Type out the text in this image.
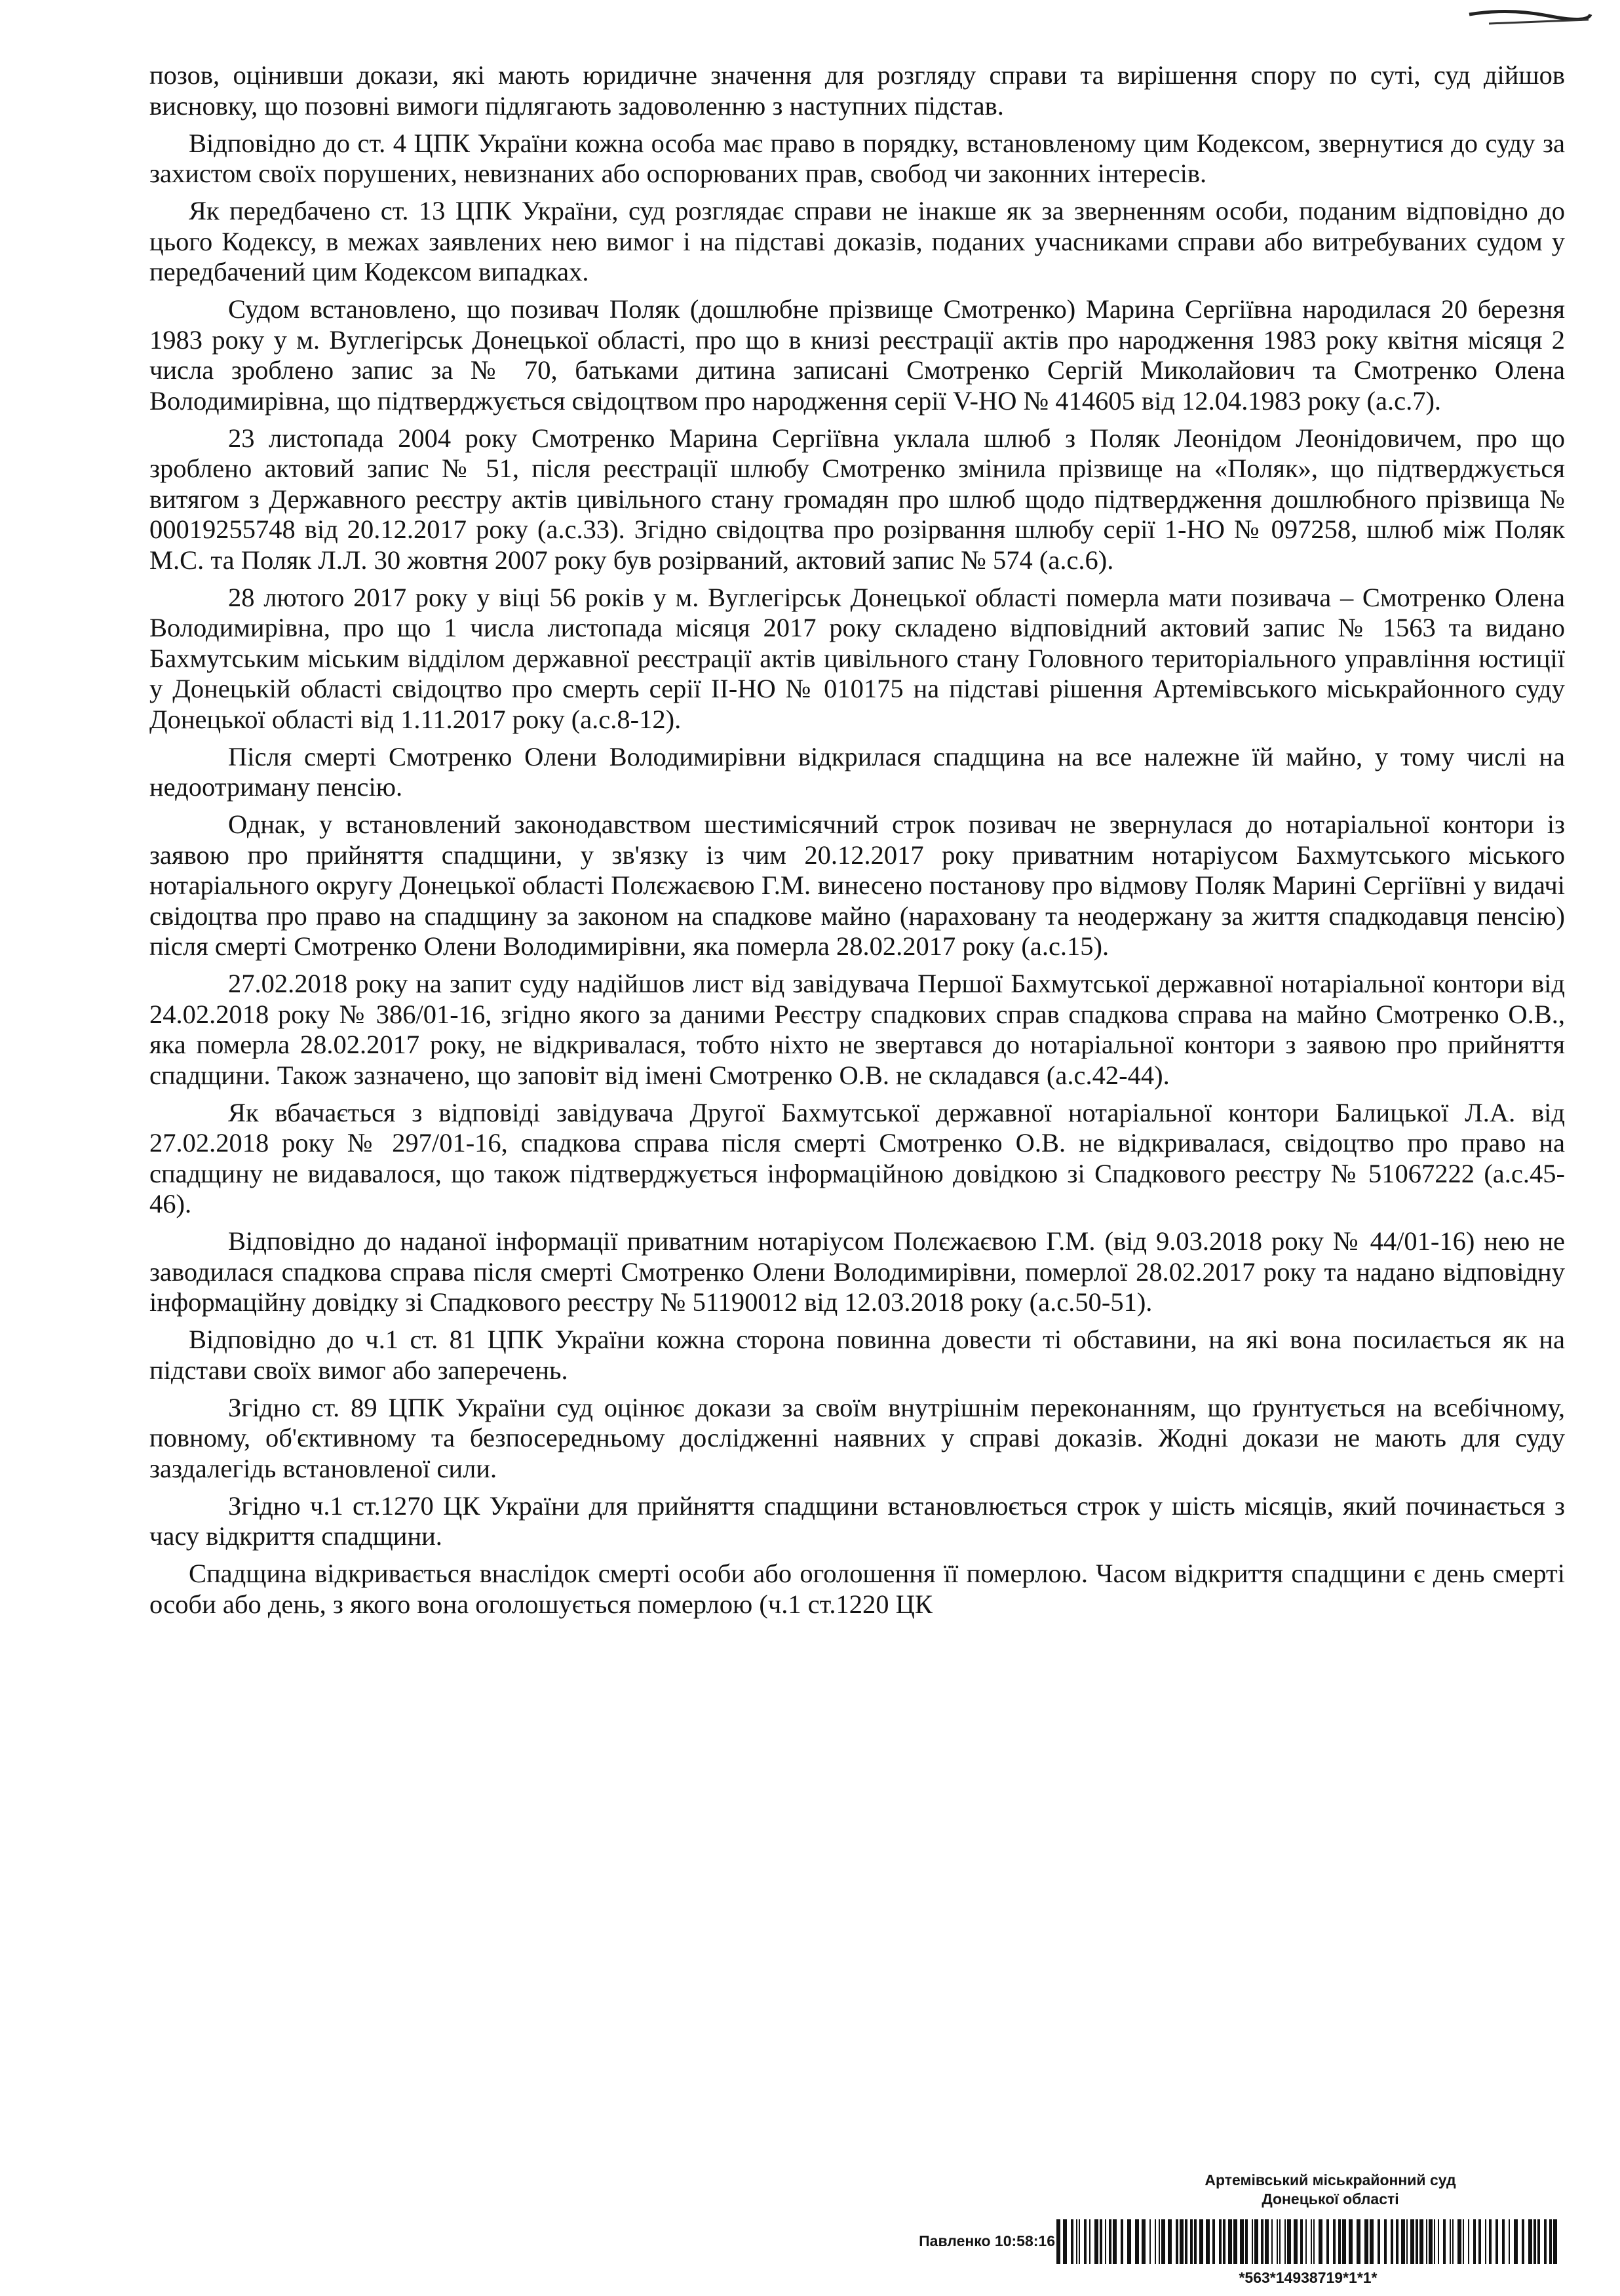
позов, оцінивши докази, які мають юридичне значення для розгляду справи та вирішення спору по суті, суд дійшов висновку, що позовні вимоги підлягають задоволенню з наступних підстав.

Відповідно до ст. 4 ЦПК України кожна особа має право в порядку, встановленому цим Кодексом, звернутися до суду за захистом своїх порушених, невизнаних або оспорюваних прав, свобод чи законних інтересів.

Як передбачено ст. 13 ЦПК України, суд розглядає справи не інакше як за зверненням особи, поданим відповідно до цього Кодексу, в межах заявлених нею вимог і на підставі доказів, поданих учасниками справи або витребуваних судом у передбачений цим Кодексом випадках.

Судом встановлено, що позивач Поляк (дошлюбне прізвище Смотренко) Марина Сергіївна народилася 20 березня 1983 року у м. Вуглегірськ Донецької області, про що в книзі реєстрації актів про народження 1983 року квітня місяця 2 числа зроблено запис за № 70, батьками дитина записані Смотренко Сергій Миколайович та Смотренко Олена Володимирівна, що підтверджується свідоцтвом про народження серії V-НО № 414605 від 12.04.1983 року (а.с.7).

23 листопада 2004 року Смотренко Марина Сергіївна уклала шлюб з Поляк Леонідом Леонідовичем, про що зроблено актовий запис № 51, після реєстрації шлюбу Смотренко змінила прізвище на «Поляк», що підтверджується витягом з Державного реєстру актів цивільного стану громадян про шлюб щодо підтвердження дошлюбного прізвища № 00019255748 від 20.12.2017 року (а.с.33). Згідно свідоцтва про розірвання шлюбу серії 1-НО № 097258, шлюб між Поляк М.С. та Поляк Л.Л. 30 жовтня 2007 року був розірваний, актовий запис № 574 (а.с.6).

28 лютого 2017 року у віці 56 років у м. Вуглегірськ Донецької області померла мати позивача – Смотренко Олена Володимирівна, про що 1 числа листопада місяця 2017 року складено відповідний актовий запис № 1563 та видано Бахмутським міським відділом державної реєстрації актів цивільного стану Головного територіального управління юстиції у Донецькій області свідоцтво про смерть серії ІІ-НО № 010175 на підставі рішення Артемівського міськрайонного суду Донецької області від 1.11.2017 року (а.с.8-12).

Після смерті Смотренко Олени Володимирівни відкрилася спадщина на все належне їй майно, у тому числі на недоотриману пенсію.

Однак, у встановлений законодавством шестимісячний строк позивач не звернулася до нотаріальної контори із заявою про прийняття спадщини, у зв'язку із чим 20.12.2017 року приватним нотаріусом Бахмутського міського нотаріального округу Донецької області Полєжаєвою Г.М. винесено постанову про відмову Поляк Марині Сергіївні у видачі свідоцтва про право на спадщину за законом на спадкове майно (нараховану та неодержану за життя спадкодавця пенсію) після смерті Смотренко Олени Володимирівни, яка померла 28.02.2017 року (а.с.15).

27.02.2018 року на запит суду надійшов лист від завідувача Першої Бахмутської державної нотаріальної контори від 24.02.2018 року № 386/01-16, згідно якого за даними Реєстру спадкових справ спадкова справа на майно Смотренко О.В., яка померла 28.02.2017 року, не відкривалася, тобто ніхто не звертався до нотаріальної контори з заявою про прийняття спадщини. Також зазначено, що заповіт від імені Смотренко О.В. не складався (а.с.42-44).

Як вбачається з відповіді завідувача Другої Бахмутської державної нотаріальної контори Балицької Л.А. від 27.02.2018 року № 297/01-16, спадкова справа після смерті Смотренко О.В. не відкривалася, свідоцтво про право на спадщину не видавалося, що також підтверджується інформаційною довідкою зі Спадкового реєстру № 51067222 (а.с.45-46).

Відповідно до наданої інформації приватним нотаріусом Полєжаєвою Г.М. (від 9.03.2018 року № 44/01-16) нею не заводилася спадкова справа після смерті Смотренко Олени Володимирівни, померлої 28.02.2017 року та надано відповідну інформаційну довідку зі Спадкового реєстру № 51190012 від 12.03.2018 року (а.с.50-51).

Відповідно до ч.1 ст. 81 ЦПК України кожна сторона повинна довести ті обставини, на які вона посилається як на підстави своїх вимог або заперечень.

Згідно ст. 89 ЦПК України суд оцінює докази за своїм внутрішнім переконанням, що ґрунтується на всебічному, повному, об'єктивному та безпосередньому дослідженні наявних у справі доказів. Жодні докази не мають для суду заздалегідь встановленої сили.

Згідно ч.1 ст.1270 ЦК України для прийняття спадщини встановлюється строк у шість місяців, який починається з часу відкриття спадщини.

Спадщина відкривається внаслідок смерті особи або оголошення її померлою. Часом відкриття спадщини є день смерті особи або день, з якого вона оголошується померлою (ч.1 ст.1220 ЦК

Артемівський міськрайонний суд
Донецької області
Павленко 10:58:16
*563*14938719*1*1*
